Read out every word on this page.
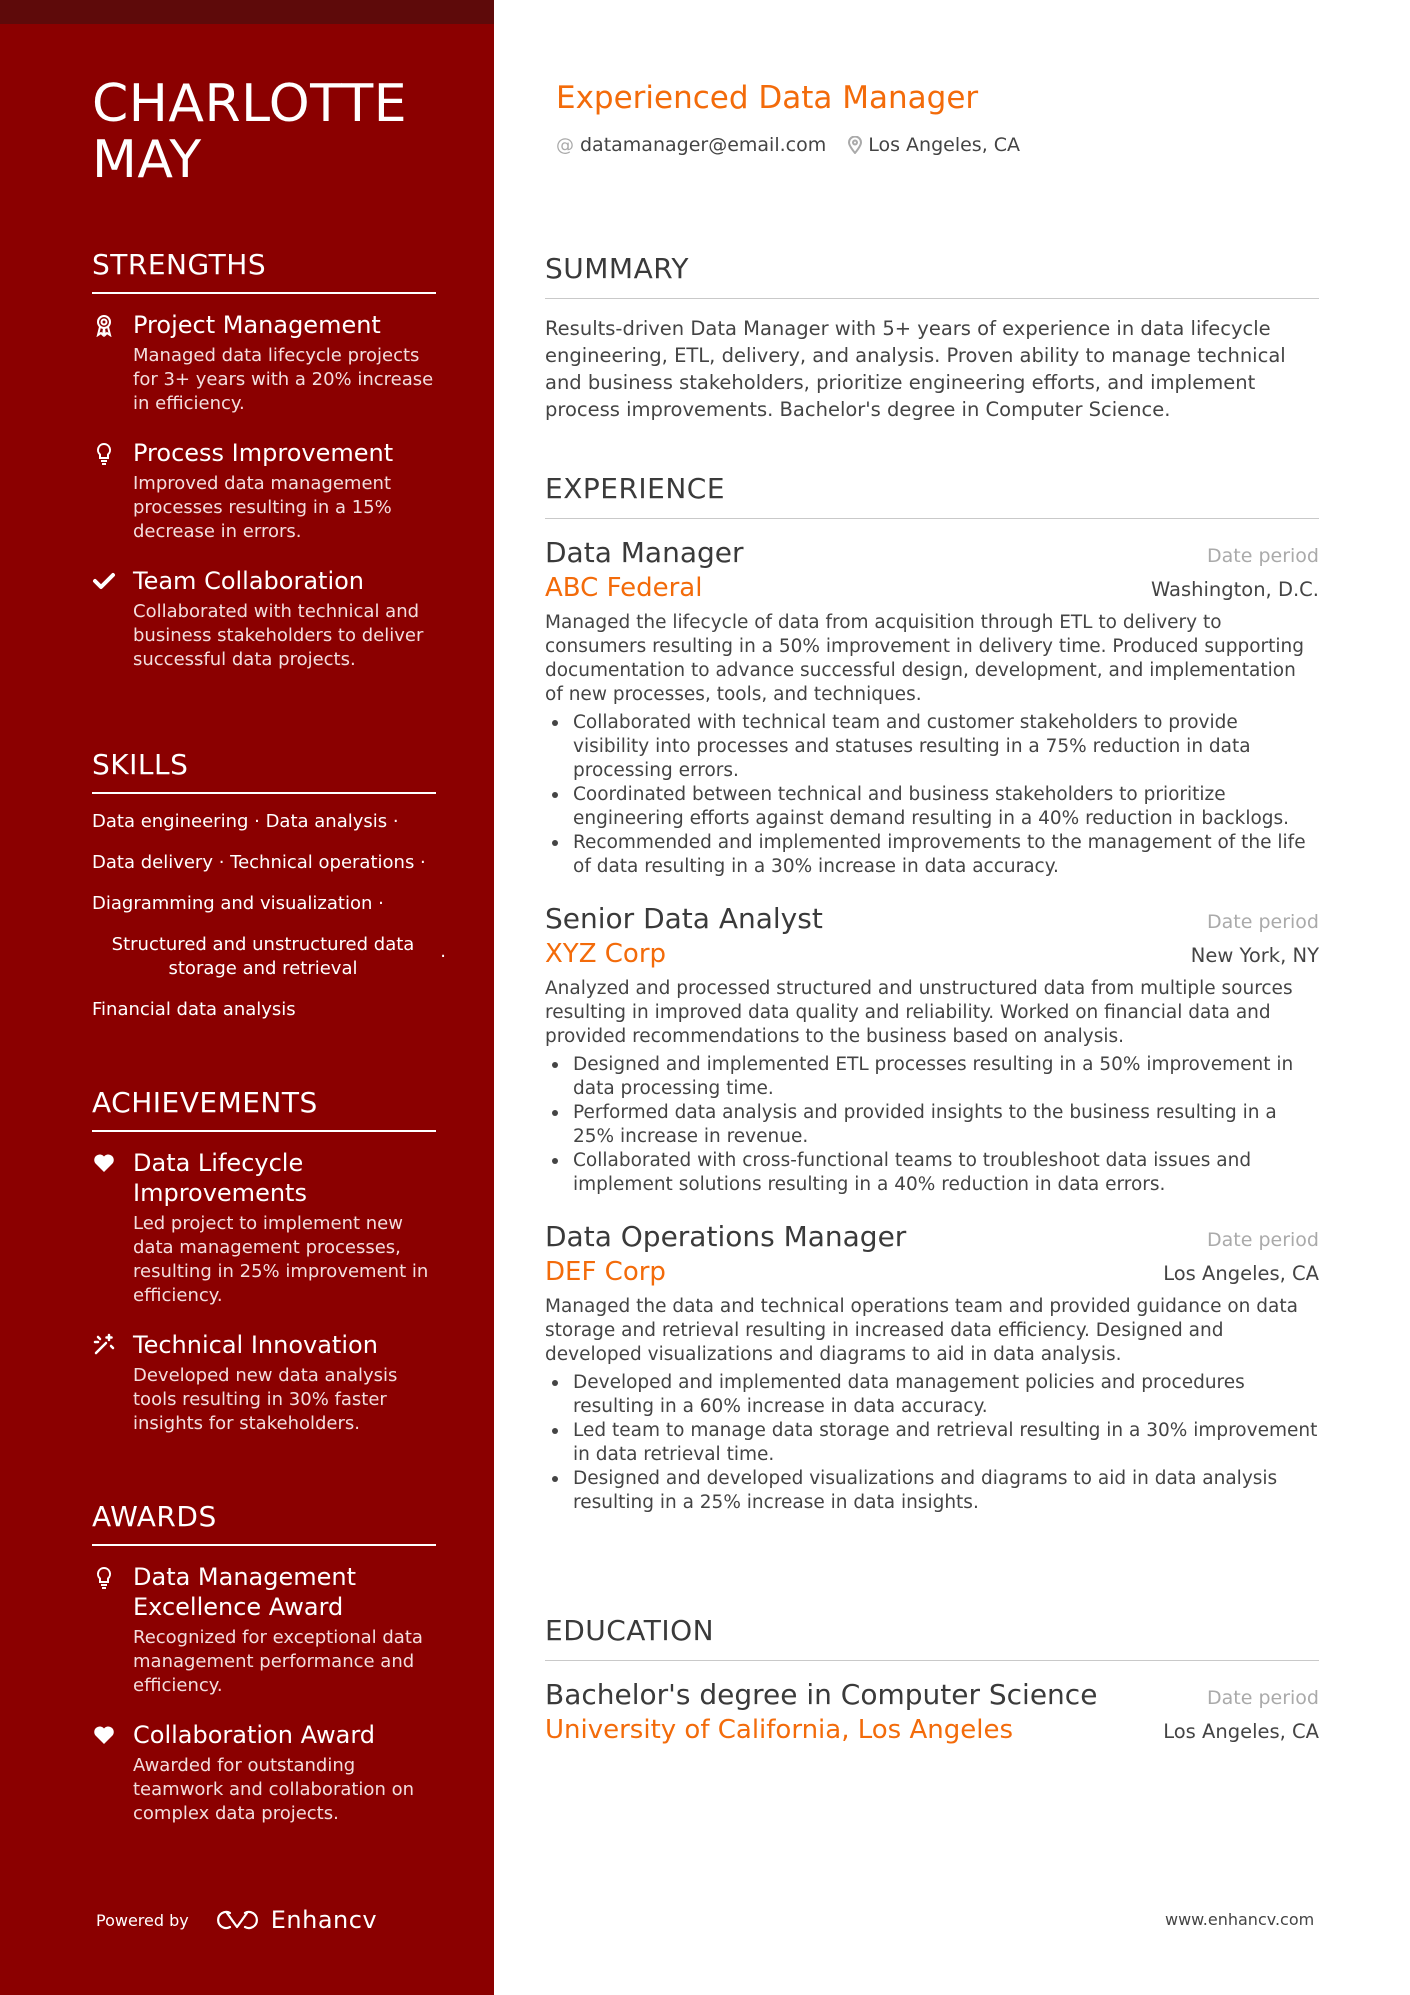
CHARLOTTE MAY
STRENGTHS
Project Management
Managed data lifecycle projects for 3+ years with a 20% increase in efficiency.
Process Improvement
Improved data management processes resulting in a 15% decrease in errors.
Team Collaboration
Collaborated with technical and business stakeholders to deliver successful data projects.
SKILLS
Data engineering · Data analysis ·
Data delivery · Technical operations ·
Diagramming and visualization ·
Structured and unstructured data storage and retrieval
·
Financial data analysis
ACHIEVEMENTS
Data Lifecycle Improvements
Led project to implement new data management processes, resulting in 25% improvement in efficiency.
Technical Innovation
Developed new data analysis tools resulting in 30% faster insights for stakeholders.
AWARDS
Data Management Excellence Award
Recognized for exceptional data management performance and efficiency.
Collaboration Award
Awarded for outstanding teamwork and collaboration on complex data projects.
Powered by	Enhancv
Experienced Data Manager
@ datamanager@email.com Los Angeles, CA
SUMMARY
Results-driven Data Manager with 5+ years of experience in data lifecycle engineering, ETL, delivery, and analysis. Proven ability to manage technical and business stakeholders, prioritize engineering efforts, and implement process improvements. Bachelor's degree in Computer Science.
EXPERIENCE
Data Manager	Date period
ABC Federal	Washington, D.C.
Managed the lifecycle of data from acquisition through ETL to delivery to consumers resulting in a 50% improvement in delivery time. Produced supporting documentation to advance successful design, development, and implementation of new processes, tools, and techniques.
Collaborated with technical team and customer stakeholders to provide visibility into processes and statuses resulting in a 75% reduction in data processing errors.
Coordinated between technical and business stakeholders to prioritize engineering efforts against demand resulting in a 40% reduction in backlogs.
Recommended and implemented improvements to the management of the life of data resulting in a 30% increase in data accuracy.
Senior Data Analyst	Date period
XYZ Corp	New York, NY
Analyzed and processed structured and unstructured data from multiple sources resulting in improved data quality and reliability. Worked on financial data and provided recommendations to the business based on analysis.
Designed and implemented ETL processes resulting in a 50% improvement in data processing time.
Performed data analysis and provided insights to the business resulting in a 25% increase in revenue.
Collaborated with cross-functional teams to troubleshoot data issues and implement solutions resulting in a 40% reduction in data errors.
Data Operations Manager	Date period
DEF Corp	Los Angeles, CA
Managed the data and technical operations team and provided guidance on data storage and retrieval resulting in increased data efficiency. Designed and developed visualizations and diagrams to aid in data analysis.
Developed and implemented data management policies and procedures resulting in a 60% increase in data accuracy.
Led team to manage data storage and retrieval resulting in a 30% improvement in data retrieval time.
Designed and developed visualizations and diagrams to aid in data analysis resulting in a 25% increase in data insights.
EDUCATION
Bachelor's degree in Computer Science	Date period
University of California, Los Angeles	Los Angeles, CA
www.enhancv.com
